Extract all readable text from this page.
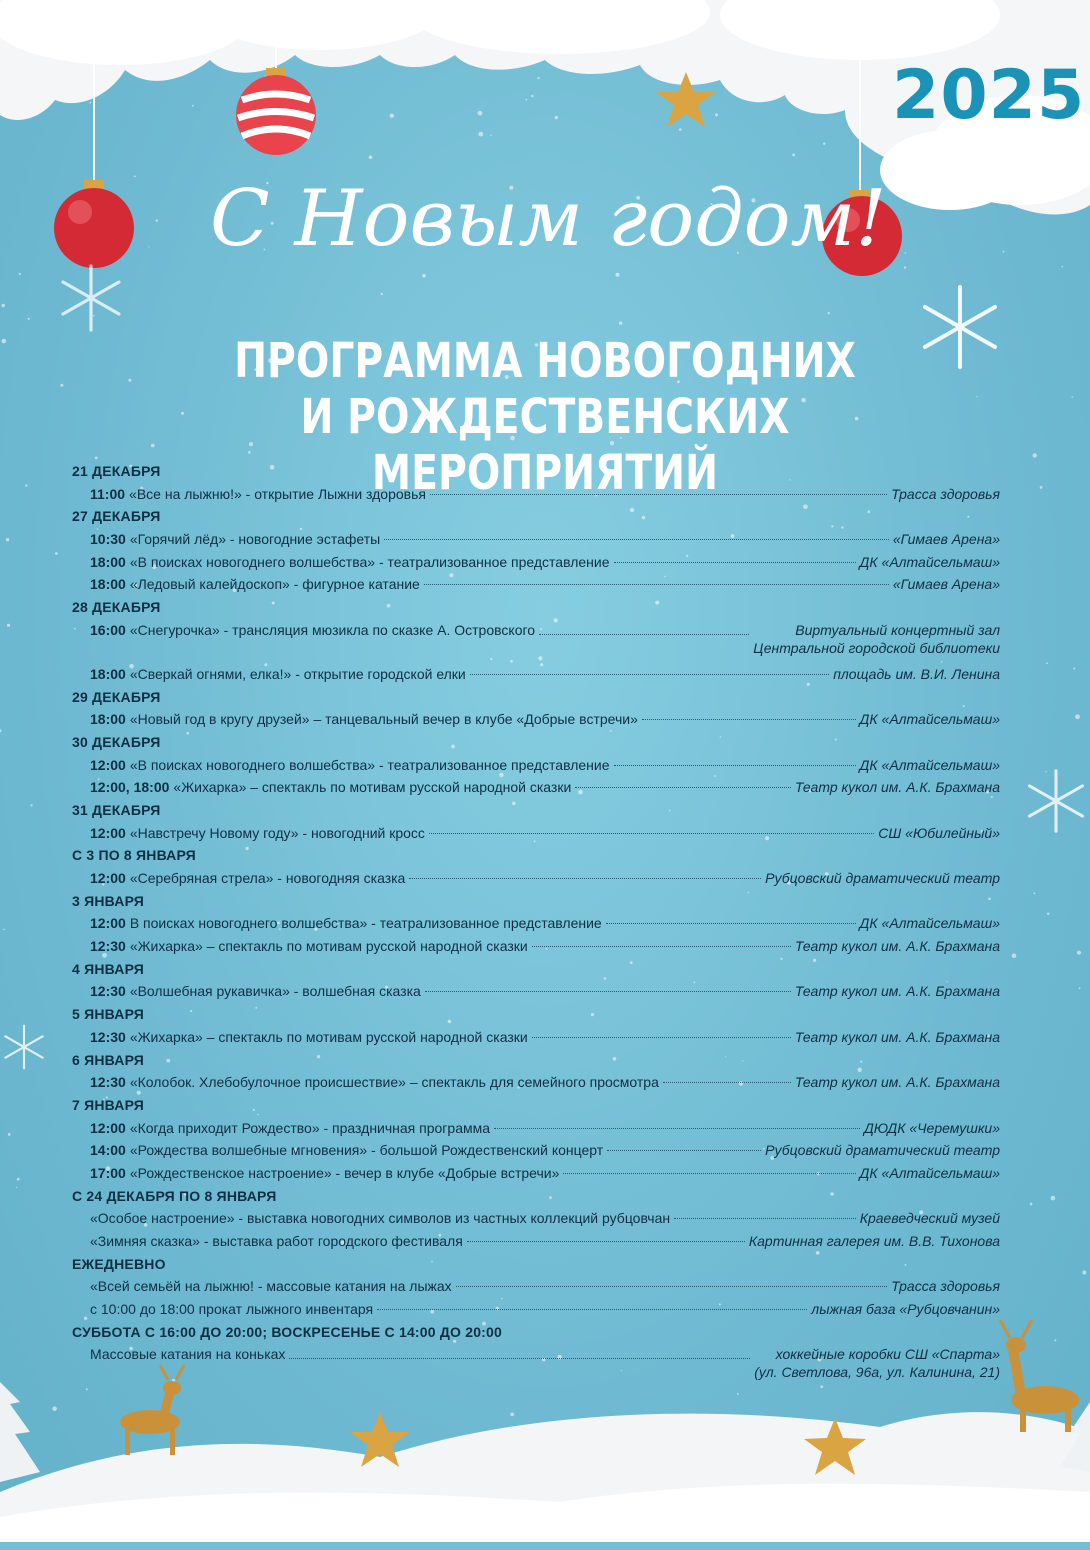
2025
С Новым годом!
ПРОГРАММА НОВОГОДНИХ
И РОЖДЕСТВЕНСКИХ МЕРОПРИЯТИЙ
21 ДЕКАБРЯ
11:00 «Все на лыжню!» - открытие Лыжни здоровья	Трасса здоровья
27 ДЕКАБРЯ
10:30 «Горячий лёд» - новогодние эстафеты	«Гимаев Арена»
18:00 «В поисках новогоднего волшебства» - театрализованное представление	ДК «Алтайсельмаш»
18:00 «Ледовый калейдоскоп» - фигурное катание	«Гимаев Арена»
28 ДЕКАБРЯ
16:00 «Снегурочка» - трансляция мюзикла по сказке А. Островского	Виртуальный концертный зал
Центральной городской библиотеки
18:00 «Сверкай огнями, елка!» - открытие городской елки	площадь им. В.И. Ленина
29 ДЕКАБРЯ
18:00 «Новый год в кругу друзей» – танцевальный вечер в клубе «Добрые встречи»	ДК «Алтайсельмаш»
30 ДЕКАБРЯ
12:00 «В поисках новогоднего волшебства» - театрализованное представление	ДК «Алтайсельмаш»
12:00, 18:00 «Жихарка» – спектакль по мотивам русской народной сказки	Театр кукол им. А.К. Брахмана
31 ДЕКАБРЯ
12:00 «Навстречу Новому году» - новогодний кросс	СШ «Юбилейный»
С 3 ПО 8 ЯНВАРЯ
12:00 «Серебряная стрела» - новогодняя сказка	Рубцовский драматический театр
3 ЯНВАРЯ
12:00 В поисках новогоднего волшебства» - театрализованное представление	ДК «Алтайсельмаш»
12:30 «Жихарка» – спектакль по мотивам русской народной сказки	Театр кукол им. А.К. Брахмана
4 ЯНВАРЯ
12:30 «Волшебная рукавичка» - волшебная сказка	Театр кукол им. А.К. Брахмана
5 ЯНВАРЯ
12:30 «Жихарка» – спектакль по мотивам русской народной сказки	Театр кукол им. А.К. Брахмана
6 ЯНВАРЯ
12:30 «Колобок. Хлебобулочное происшествие» – спектакль для семейного просмотра	Театр кукол им. А.К. Брахмана
7 ЯНВАРЯ
12:00 «Когда приходит Рождество» - праздничная программа	ДЮДК «Черемушки»
14:00 «Рождества волшебные мгновения» - большой Рождественский концерт	Рубцовский драматический театр
17:00 «Рождественское настроение» - вечер в клубе «Добрые встречи»	ДК «Алтайсельмаш»
С 24 ДЕКАБРЯ ПО 8 ЯНВАРЯ
«Особое настроение» - выставка новогодних символов из частных коллекций рубцовчан	Краеведческий музей
«Зимняя сказка» - выставка работ городского фестиваля	Картинная галерея им. В.В. Тихонова
ЕЖЕДНЕВНО
«Всей семьёй на лыжню! - массовые катания на лыжах	Трасса здоровья
с 10:00 до 18:00 прокат лыжного инвентаря	лыжная база «Рубцовчанин»
СУББОТА С 16:00 ДО 20:00; ВОСКРЕСЕНЬЕ С 14:00 ДО 20:00
Массовые катания на коньках	хоккейные коробки СШ «Спарта»
(ул. Светлова, 96а, ул. Калинина, 21)
rubtsovsk
